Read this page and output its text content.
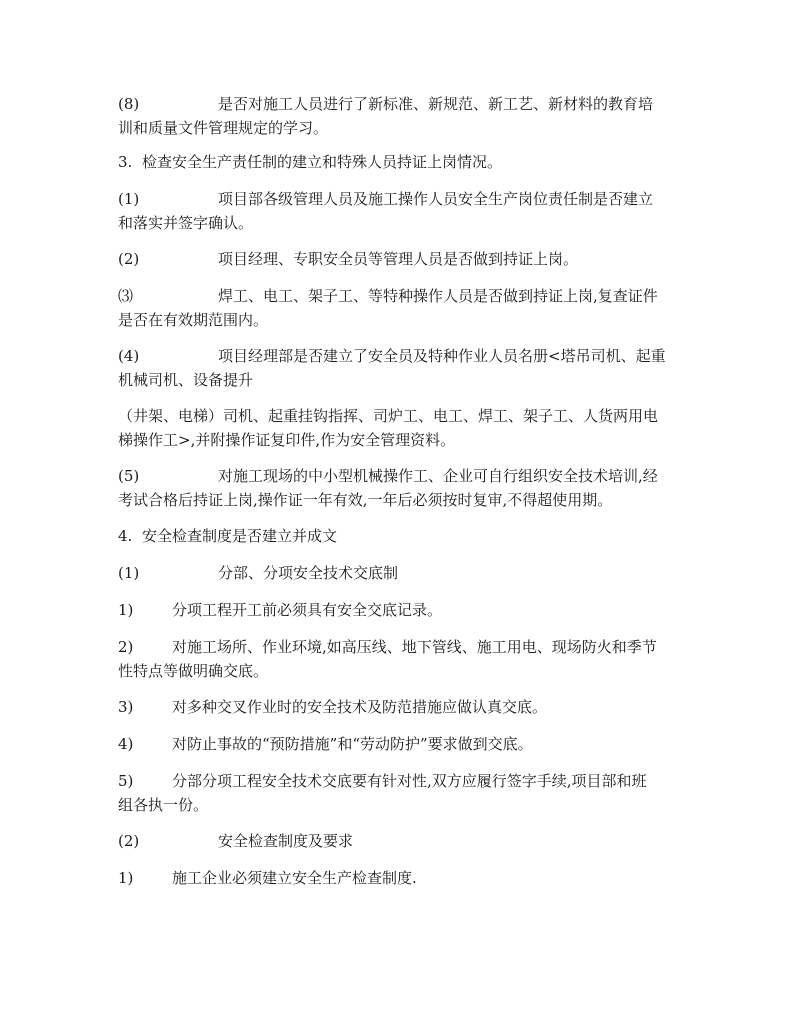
(8)	是否对施工人员进行了新标准、新规范、新工艺、新材料的教育培
训和质量文件管理规定的学习。
3. 检查安全生产责任制的建立和特殊人员持证上岗情况。
(1)	项目部各级管理人员及施工操作人员安全生产岗位责任制是否建立
和落实并签字确认。
(2)	项目经理、专职安全员等管理人员是否做到持证上岗。
⑶	焊工、电工、架子工、等特种操作人员是否做到持证上岗,复查证件
是否在有效期范围内。
(4)	项目经理部是否建立了安全员及特种作业人员名册<塔吊司机、起重
机械司机、设备提升
（井架、电梯）司机、起重挂钩指挥、司炉工、电工、焊工、架子工、人货两用电
梯操作工>,并附操作证复印件,作为安全管理资料。
(5)	对施工现场的中小型机械操作工、企业可自行组织安全技术培训,经
考试合格后持证上岗,操作证一年有效,一年后必须按时复审,不得超使用期。
4. 安全检查制度是否建立并成文
(1)	分部、分项安全技术交底制
1)	分项工程开工前必须具有安全交底记录。
2)	对施工场所、作业环境,如高压线、地下管线、施工用电、现场防火和季节
性特点等做明确交底。
3)	对多种交叉作业时的安全技术及防范措施应做认真交底。
4)	对防止事故的“预防措施”和“劳动防护”要求做到交底。
5)	分部分项工程安全技术交底要有针对性,双方应履行签字手续,项目部和班
组各执一份。
(2)	安全检查制度及要求
1)	施工企业必须建立安全生产检查制度.
